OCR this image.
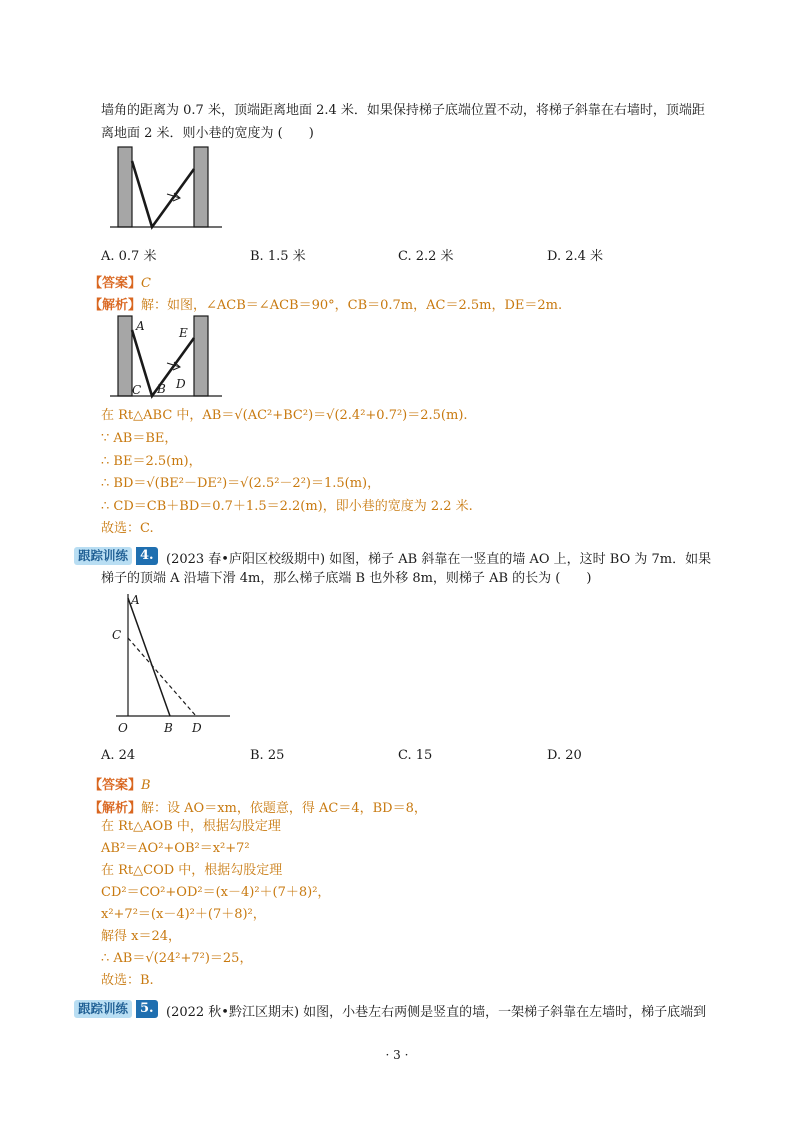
墙角的距离为 0.7 米，顶端距离地面 2.4 米．如果保持梯子底端位置不动，将梯子斜靠在右墙时，顶端距
离地面 2 米．则小巷的宽度为 (　　)
A. 0.7 米	B. 1.5 米	C. 2.2 米	D. 2.4 米
【答案】C
【解析】解：如图，∠ACB＝∠ACB＝90°，CB＝0.7m，AC＝2.5m，DE＝2m.
A	E
C B D
在 Rt△ABC 中，AB＝√(AC²+BC²)＝√(2.4²+0.7²)＝2.5(m).
∵ AB＝BE，
∴ BE＝2.5(m)，
∴ BD＝√(BE²－DE²)＝√(2.5²－2²)＝1.5(m)，
∴ CD＝CB＋BD＝0.7＋1.5＝2.2(m)，即小巷的宽度为 2.2 米.
故选：C.
跟踪训练 4. (2023 春•庐阳区校级期中) 如图，梯子 AB 斜靠在一竖直的墙 AO 上，这时 BO 为 7m．如果
梯子的顶端 A 沿墙下滑 4m，那么梯子底端 B 也外移 8m，则梯子 AB 的长为 (　　)
A
C
O	B D
A. 24	B. 25	C. 15	D. 20
【答案】B
【解析】解：设 AO＝xm，依题意，得 AC＝4，BD＝8，
在 Rt△AOB 中，根据勾股定理
AB²＝AO²+OB²＝x²+7²
在 Rt△COD 中，根据勾股定理
CD²＝CO²+OD²＝(x－4)²＋(7＋8)²，
x²+7²＝(x－4)²＋(7＋8)²，
解得 x＝24，
∴ AB＝√(24²+7²)＝25，
故选：B.
跟踪训练 5. (2022 秋•黔江区期末) 如图，小巷左右两侧是竖直的墙，一架梯子斜靠在左墙时，梯子底端到
· 3 ·
